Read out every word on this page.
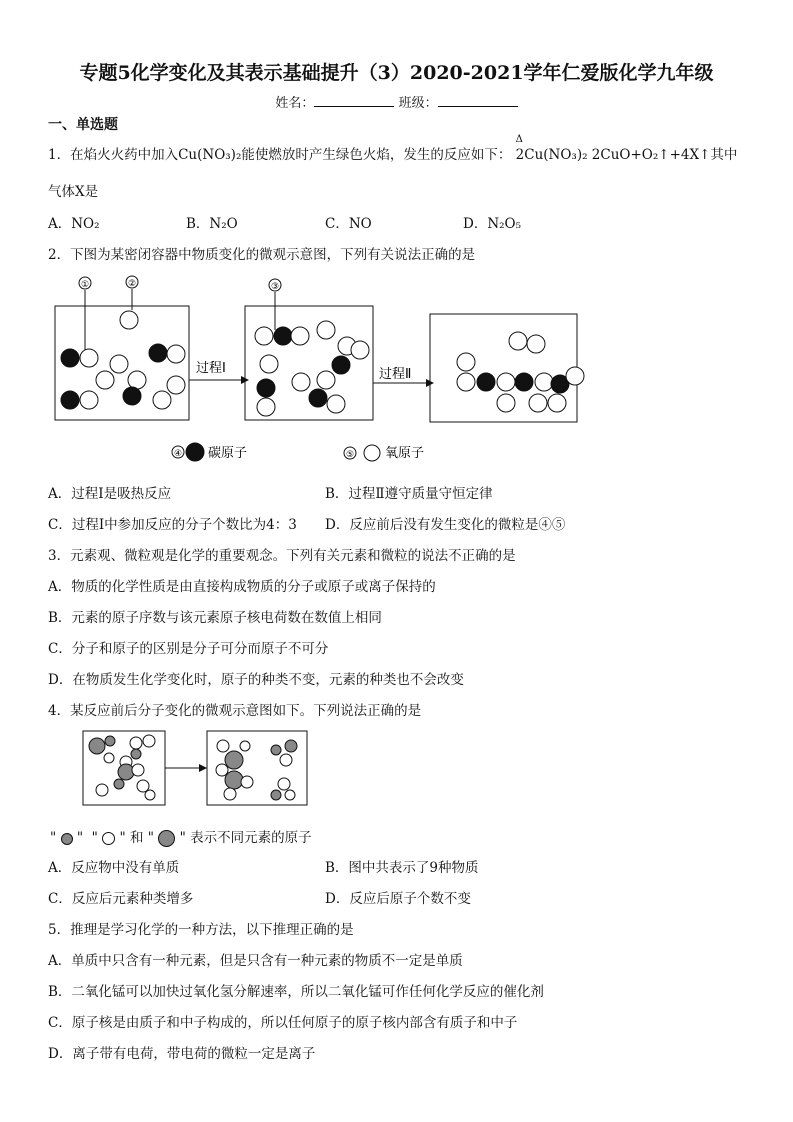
专题5化学变化及其表示基础提升（3）2020-2021学年仁爱版化学九年级
姓名：	班级：
一、单选题
1．在焰火火药中加入Cu(NO₃)₂能使燃放时产生绿色火焰，发生的反应如下：
Δ
2Cu(NO₃)₂ 2CuO+O₂↑+4X↑其中
气体X是
A．NO₂	B．N₂O	C．NO	D．N₂O₅
2．下图为某密闭容器中物质变化的微观示意图，下列有关说法正确的是
过程Ⅰ	过程Ⅱ
①	②	③
④ 碳原子	⑤ 氧原子
A．过程Ⅰ是吸热反应	B．过程Ⅱ遵守质量守恒定律
C．过程Ⅰ中参加反应的分子个数比为4：3 D．反应前后没有发生变化的微粒是④⑤
3．元素观、微粒观是化学的重要观念。下列有关元素和微粒的说法不正确的是
A．物质的化学性质是由直接构成物质的分子或原子或离子保持的
B．元素的原子序数与该元素原子核电荷数在数值上相同
C．分子和原子的区别是分子可分而原子不可分
D．在物质发生化学变化时，原子的种类不变，元素的种类也不会改变
4．某反应前后分子变化的微观示意图如下。下列说法正确的是
" " " " 和 " " 表示不同元素的原子
A．反应物中没有单质	B．图中共表示了9种物质
C．反应后元素种类增多	D．反应后原子个数不变
5．推理是学习化学的一种方法，以下推理正确的是
A．单质中只含有一种元素，但是只含有一种元素的物质不一定是单质
B．二氧化锰可以加快过氧化氢分解速率，所以二氧化锰可作任何化学反应的催化剂
C．原子核是由质子和中子构成的，所以任何原子的原子核内部含有质子和中子
D．离子带有电荷，带电荷的微粒一定是离子
